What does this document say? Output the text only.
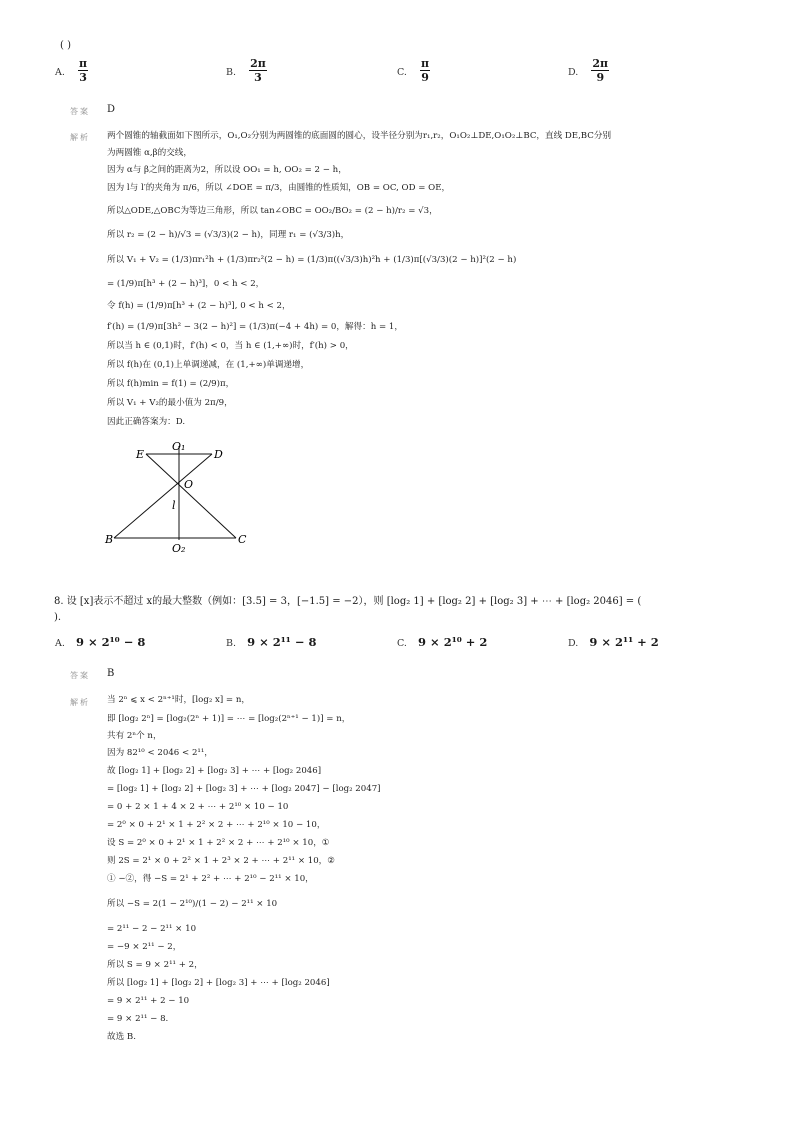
( )
A. $\frac{\pi}{3}$	B. $\frac{2\pi}{3}$	C. $\frac{\pi}{9}$	D. $\frac{2\pi}{9}$
答案 D
解析 两个圆锥的轴截面如下图所示，O₁,O₂分别为两圆锥的底面圆的圆心，设半径分别为r₁,r₂，O₁O₂⊥DE,O₁O₂⊥BC，直线 DE,BC分别
为两圆锥 α,β的交线，
因为 α与 β之间的距离为2，所以设 OO₁ = h, OO₂ = 2 − h，
因为 l与 l′的夹角为 π/6，所以 ∠DOE = π/3，由圆锥的性质知，OB = OC, OD = OE，
所以△ODE,△OBC为等边三角形，所以 tan∠OBC = OO₂/BO₂ = (2 − h)/r₂ = √3，
所以 r₂ = (2 − h)/√3 = (√3/3)(2 − h)，同理 r₁ = (√3/3)h，
所以 V₁ + V₂ = (1/3)πr₁²h + (1/3)πr₂²(2 − h) = (1/3)π((√3/3)h)²h + (1/3)π[(√3/3)(2 − h)]²(2 − h)
= (1/9)π[h³ + (2 − h)³]，0 < h < 2，
令 f(h) = (1/9)π[h³ + (2 − h)³], 0 < h < 2，
f′(h) = (1/9)π[3h² − 3(2 − h)²] = (1/3)π(−4 + 4h) = 0，解得：h = 1，
所以当 h ∈ (0,1)时，f′(h) < 0，当 h ∈ (1,+∞)时，f′(h) > 0，
所以 f(h)在 (0,1)上单调递减，在 (1,+∞)单调递增，
所以 f(h)min = f(1) = (2/9)π，
所以 V₁ + V₂的最小值为 2π/9，
因此正确答案为：D.
O₁
E	D
O
l
B	C
O₂
8. 设 [x]表示不超过 x的最大整数（例如：[3.5] = 3，[−1.5] = −2），则 [log₂ 1] + [log₂ 2] + [log₂ 3] + ⋯ + [log₂ 2046] = (
).
A. 9 × 2¹⁰ − 8	B. 9 × 2¹¹ − 8	C. 9 × 2¹⁰ + 2	D. 9 × 2¹¹ + 2
答案 B
解析 当 2ⁿ ⩽ x < 2ⁿ⁺¹时，[log₂ x] = n，
即 [log₂ 2ⁿ] = [log₂(2ⁿ + 1)] = ⋯ = [log₂(2ⁿ⁺¹ − 1)] = n，
共有 2ⁿ个 n，
因为 82¹⁰ < 2046 < 2¹¹，
故 [log₂ 1] + [log₂ 2] + [log₂ 3] + ⋯ + [log₂ 2046]
= [log₂ 1] + [log₂ 2] + [log₂ 3] + ⋯ + [log₂ 2047] − [log₂ 2047]
= 0 + 2 × 1 + 4 × 2 + ⋯ + 2¹⁰ × 10 − 10
= 2⁰ × 0 + 2¹ × 1 + 2² × 2 + ⋯ + 2¹⁰ × 10 − 10，
设 S = 2⁰ × 0 + 2¹ × 1 + 2² × 2 + ⋯ + 2¹⁰ × 10，①
则 2S = 2¹ × 0 + 2² × 1 + 2³ × 2 + ⋯ + 2¹¹ × 10，②
① −②，得 −S = 2¹ + 2² + ⋯ + 2¹⁰ − 2¹¹ × 10，
所以 −S = 2(1 − 2¹⁰)/(1 − 2) − 2¹¹ × 10
= 2¹¹ − 2 − 2¹¹ × 10
= −9 × 2¹¹ − 2，
所以 S = 9 × 2¹¹ + 2，
所以 [log₂ 1] + [log₂ 2] + [log₂ 3] + ⋯ + [log₂ 2046]
= 9 × 2¹¹ + 2 − 10
= 9 × 2¹¹ − 8.
故选 B.
